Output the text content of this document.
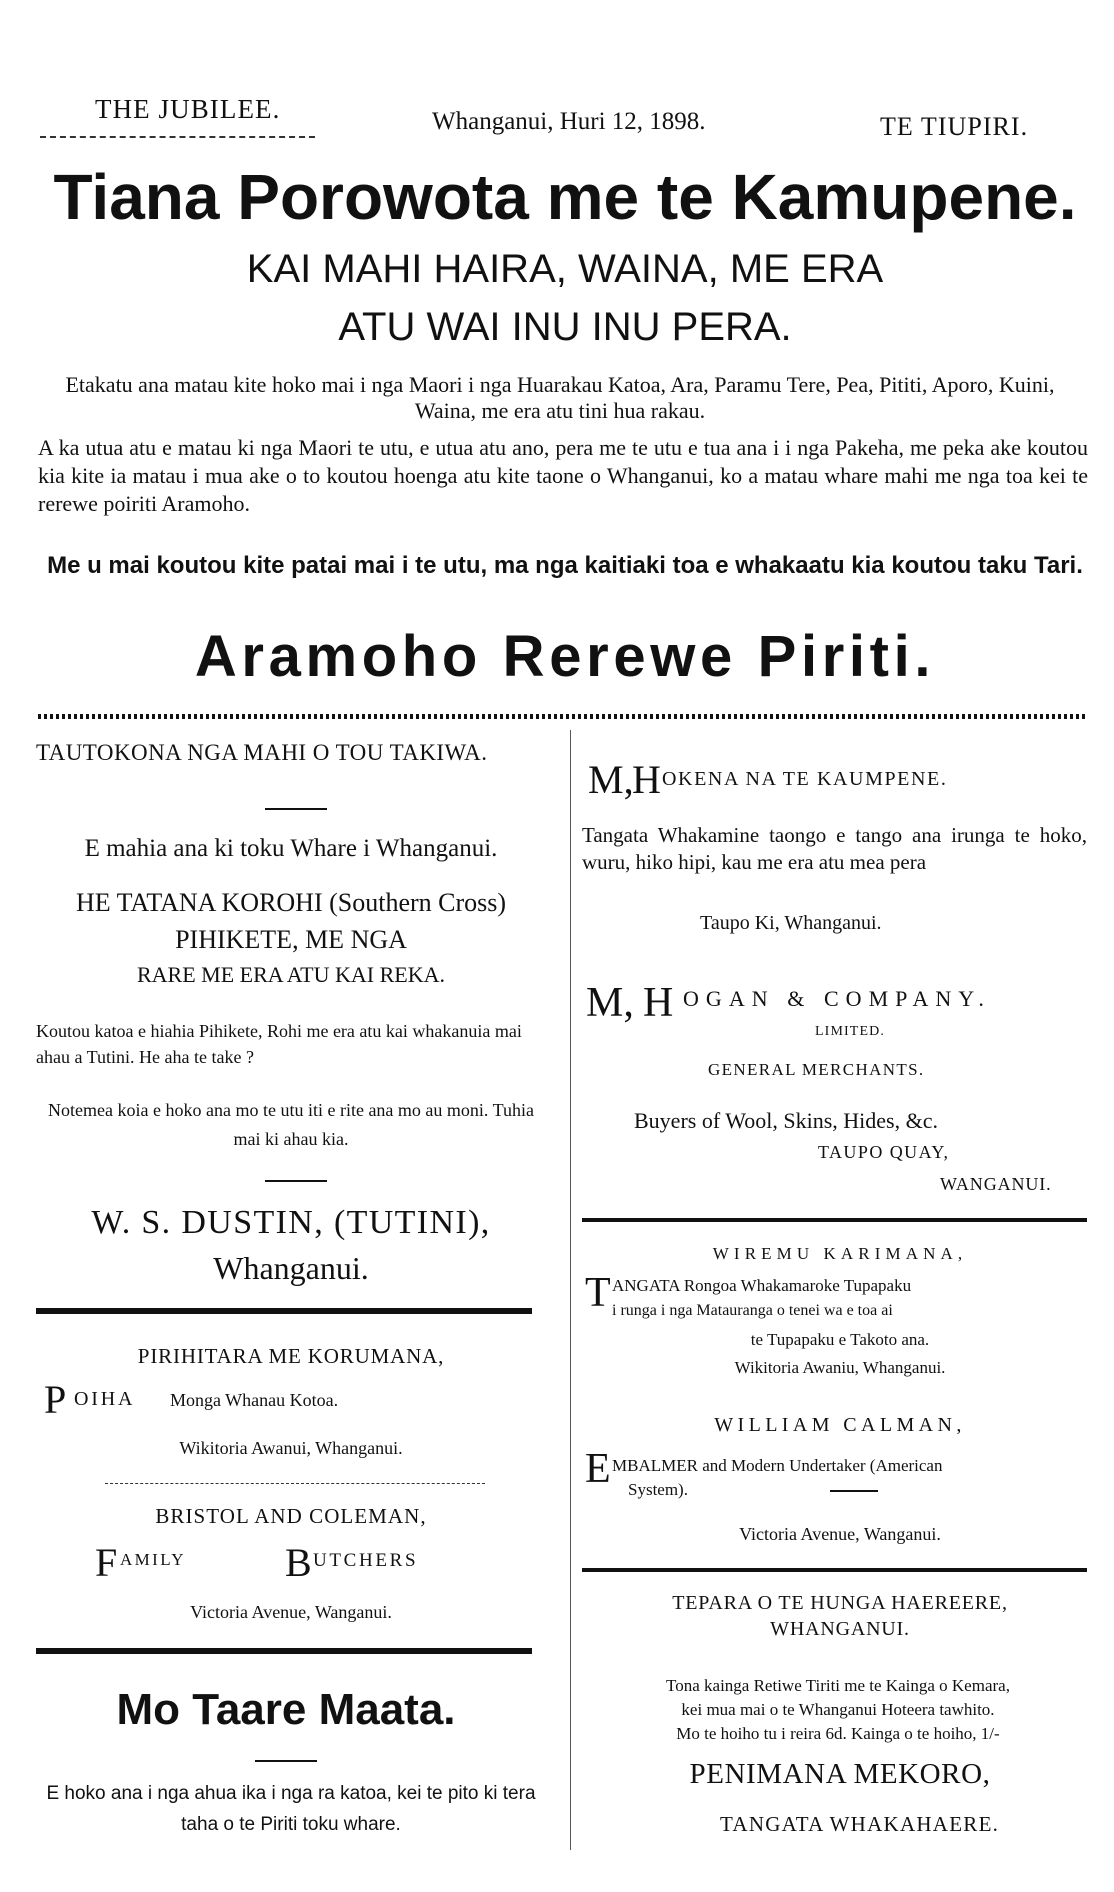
THE JUBILEE.	Whanganui, Huri 12, 1898.	TE TIUPIRI.
Tiana Porowota me te Kamupene.
KAI MAHI HAIRA, WAINA, ME ERA
ATU WAI INU INU PERA.
Etakatu ana matau kite hoko mai i nga Maori i nga Huarakau Katoa, Ara, Paramu Tere, Pea, Pititi, Aporo, Kuini, Waina, me era atu tini hua rakau.
A ka utua atu e matau ki nga Maori te utu, e utua atu ano, pera me te utu e tua ana i i nga Pakeha, me peka ake koutou kia kite ia matau i mua ake o to koutou hoenga atu kite taone o Whanganui, ko a matau whare mahi me nga toa kei te rerewe poiriti Aramoho.
Me u mai koutou kite patai mai i te utu, ma nga kaitiaki toa e whakaatu kia koutou taku Tari.
Aramoho Rerewe Piriti.
TAUTOKONA NGA MAHI O TOU TAKIWA.
E mahia ana ki toku Whare i Whanganui.
HE TATANA KOROHI (Southern Cross)
PIHIKETE, ME NGA
RARE ME ERA ATU KAI REKA.
Koutou katoa e hiahia Pihikete, Rohi me era atu kai whakanuia mai ahau a Tutini. He aha te take ?
Notemea koia e hoko ana mo te utu iti e rite ana mo au moni. Tuhia mai ki ahau kia.
W. S. DUSTIN, (TUTINI),
Whanganui.
PIRIHITARA ME KORUMANA,
P OIHA Monga Whanau Kotoa.
Wikitoria Awanui, Whanganui.
BRISTOL AND COLEMAN,
F AMILY B UTCHERS
Victoria Avenue, Wanganui.
Mo Taare Maata.
E hoko ana i nga ahua ika i nga ra katoa, kei te pito ki tera taha o te Piriti toku whare.
M,
H OKENA NA TE KAUMPENE.
Tangata Whakamine taongo e tango ana irunga te hoko, wuru, hiko hipi, kau me era atu mea pera
Taupo Ki, Whanganui.
M, H OGAN & COMPANY.
LIMITED.
GENERAL MERCHANTS.
Buyers of Wool, Skins, Hides, &c.
TAUPO QUAY,
WANGANUI.
WIREMU KARIMANA,
T ANGATA Rongoa Whakamaroke Tupapaku
i runga i nga Matauranga o tenei wa e toa ai
te Tupapaku e Takoto ana.
Wikitoria Awaniu, Whanganui.
WILLIAM CALMAN,
E MBALMER and Modern Undertaker (American
System).
Victoria Avenue, Wanganui.
TEPARA O TE HUNGA HAEREERE,
WHANGANUI.
Tona kainga Retiwe Tiriti me te Kainga o Kemara,
kei mua mai o te Whanganui Hoteera tawhito.
Mo te hoiho tu i reira 6d. Kainga o te hoiho, 1/-
PENIMANA MEKORO,
TANGATA WHAKAHAERE.
